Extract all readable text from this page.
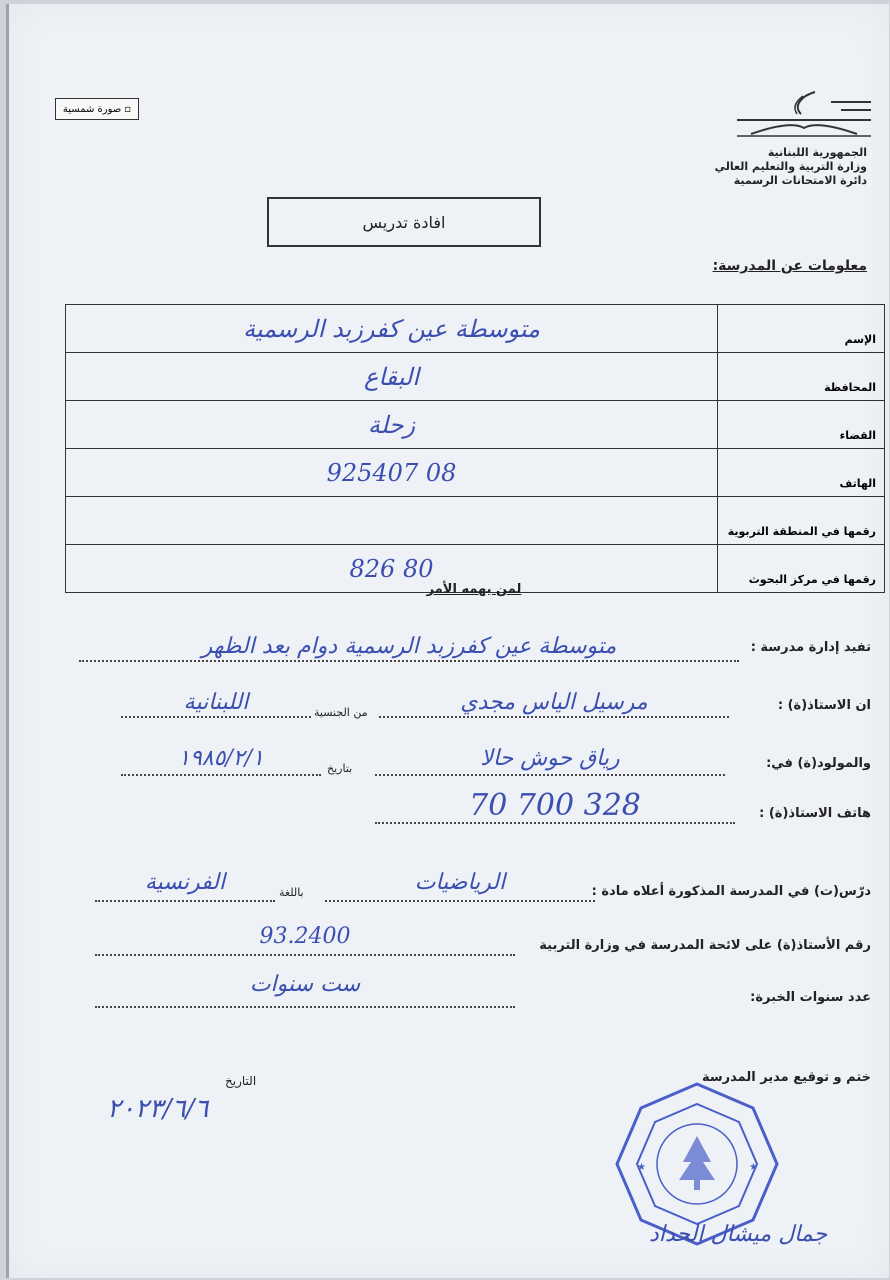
صورة شمسية ▫
الجمهورية اللبنانية
وزارة التربية والتعليم العالي
دائرة الامتحانات الرسمية
افادة تدريس
معلومات عن المدرسة:
الإسم	متوسطة عين كفرزبد الرسمية
المحافظة	البقاع
القضاء	زحلة
الهاتف	08 925407
رقمها في المنطقة التربوية	
رقمها في مركز البحوث	80 826
لمن يهمه الأمر
تفيد إدارة مدرسة :
متوسطة عين كفرزبد الرسمية دوام بعد الظهر
ان الاستاذ(ة) :
اللبنانية	من الجنسية	مرسيل الياس مجدي
والمولود(ة) في:
١٩٨٥/٢/١	بتاريخ	رياق حوش حالا
هاتف الاستاذ(ة) :
70 700 328
درّس(ت) في المدرسة المذكورة أعلاه مادة :
الفرنسية	باللغة	الرياضيات
رقم الأستاذ(ة) على لائحة المدرسة في وزارة التربية
93.2400
عدد سنوات الخبرة:
ست سنوات
ختم و توقيع مدير المدرسة
التاريخ
٢٠٢٣/٦/٦
★	★
جمال ميشال الحداد
